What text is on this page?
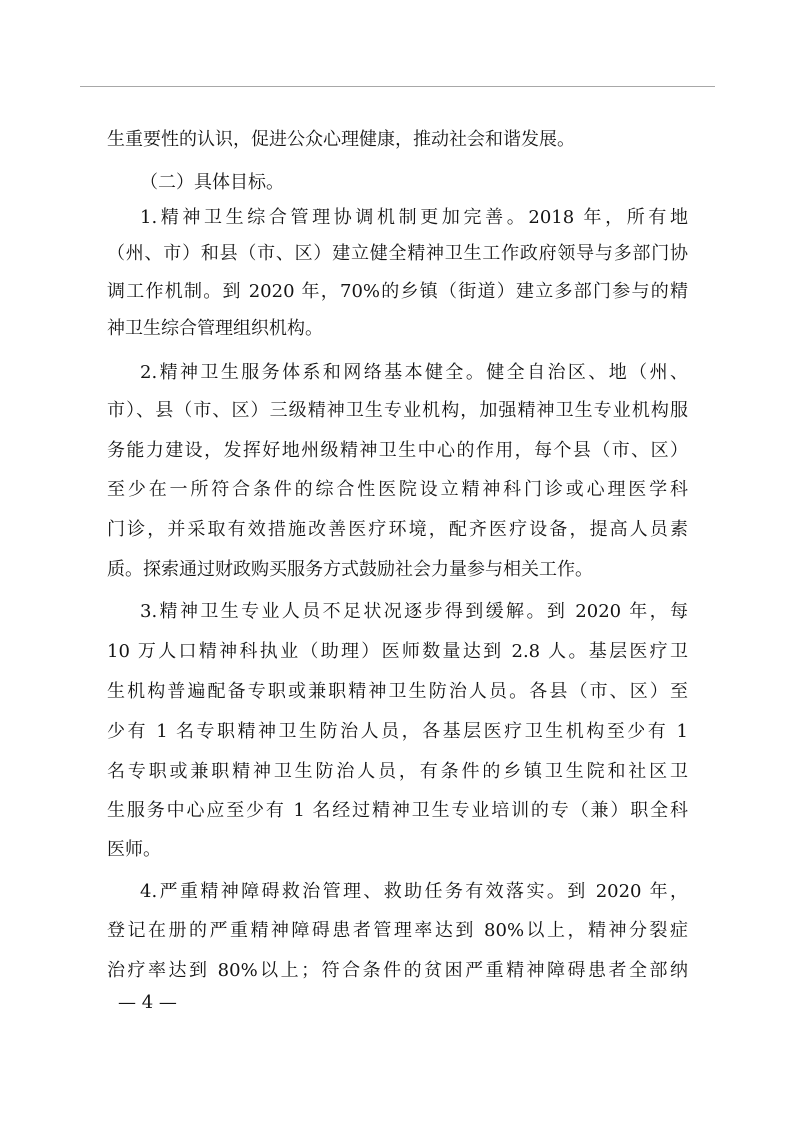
生重要性的认识，促进公众心理健康，推动社会和谐发展。
（二）具体目标。
1.精神卫生综合管理协调机制更加完善。2018 年，所有地
（州、市）和县（市、区）建立健全精神卫生工作政府领导与多部门协
调工作机制。到 2020 年，70%的乡镇（街道）建立多部门参与的精
神卫生综合管理组织机构。
2.精神卫生服务体系和网络基本健全。健全自治区、地（州、
市）、县（市、区）三级精神卫生专业机构，加强精神卫生专业机构服
务能力建设，发挥好地州级精神卫生中心的作用，每个县（市、区）
至少在一所符合条件的综合性医院设立精神科门诊或心理医学科
门诊，并采取有效措施改善医疗环境，配齐医疗设备，提高人员素
质。探索通过财政购买服务方式鼓励社会力量参与相关工作。
3.精神卫生专业人员不足状况逐步得到缓解。到 2020 年，每
10 万人口精神科执业（助理）医师数量达到 2.8 人。基层医疗卫
生机构普遍配备专职或兼职精神卫生防治人员。各县（市、区）至
少有 1 名专职精神卫生防治人员，各基层医疗卫生机构至少有 1
名专职或兼职精神卫生防治人员，有条件的乡镇卫生院和社区卫
生服务中心应至少有 1 名经过精神卫生专业培训的专（兼）职全科
医师。
4.严重精神障碍救治管理、救助任务有效落实。到 2020 年，
登记在册的严重精神障碍患者管理率达到 80%以上，精神分裂症
治疗率达到 80%以上；符合条件的贫困严重精神障碍患者全部纳
— 4 —
